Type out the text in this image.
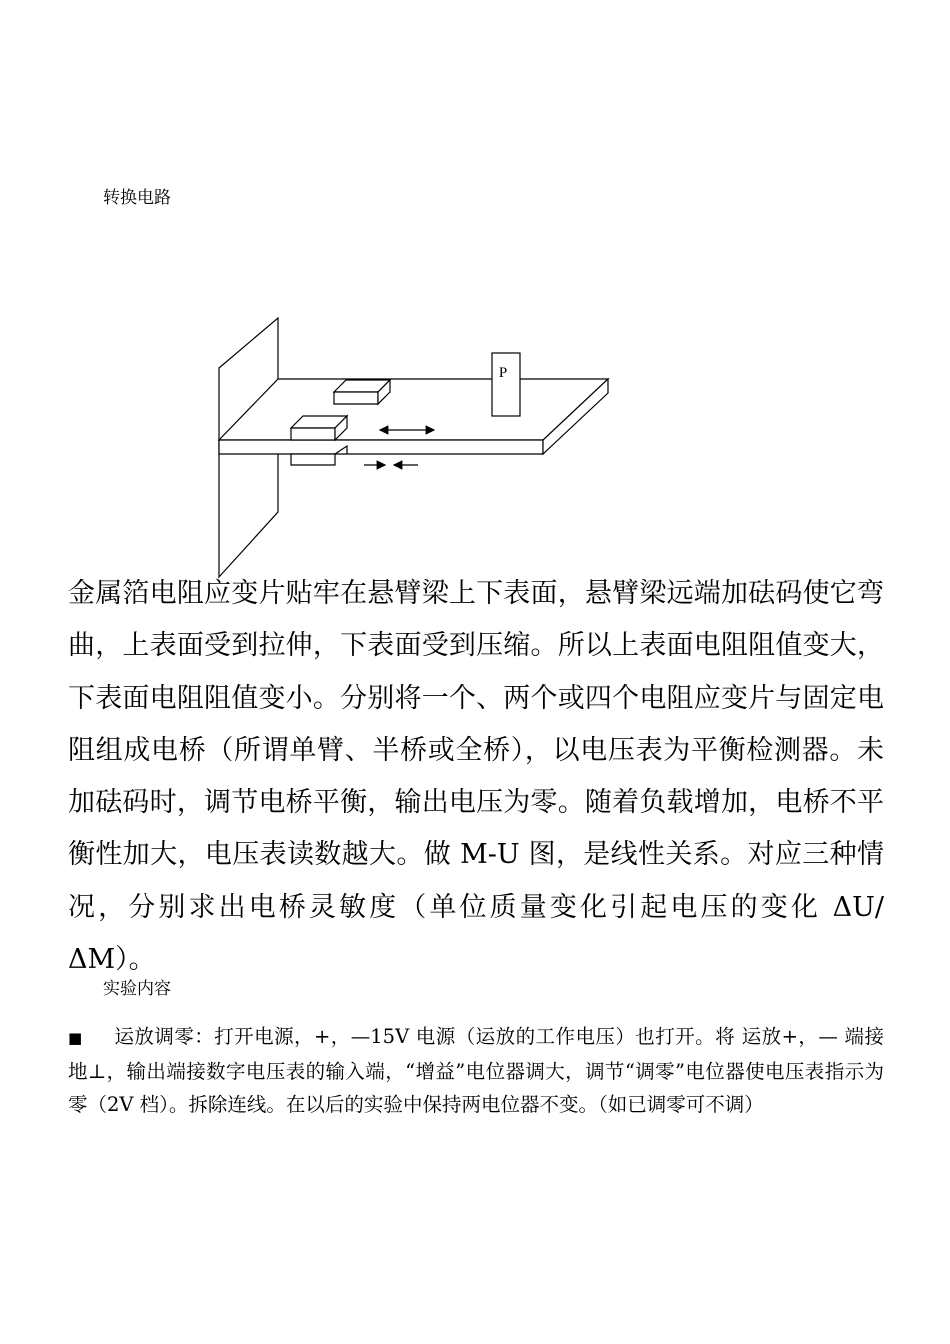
转换电路
P

金属箔电阻应变片贴牢在悬臂梁上下表面，悬臂梁远端加砝码使它弯曲，上表面受到拉伸，下表面受到压缩。所以上表面电阻阻值变大，下表面电阻阻值变小。分别将一个、两个或四个电阻应变片与固定电阻组成电桥（所谓单臂、半桥或全桥），以电压表为平衡检测器。未加砝码时，调节电桥平衡，输出电压为零。随着负载增加，电桥不平衡性加大，电压表读数越大。做 M-U 图，是线性关系。对应三种情况，分别求出电桥灵敏度（单位质量变化引起电压的变化 ΔU/ΔM）。

实验内容

■ 运放调零：打开电源，+，—15V 电源（运放的工作电压）也打开。将 运放+，— 端接地⊥，输出端接数字电压表的输入端，“增益”电位器调大，调节“调零”电位器使电压表指示为零（2V 档）。拆除连线。在以后的实验中保持两电位器不变。（如已调零可不调）
